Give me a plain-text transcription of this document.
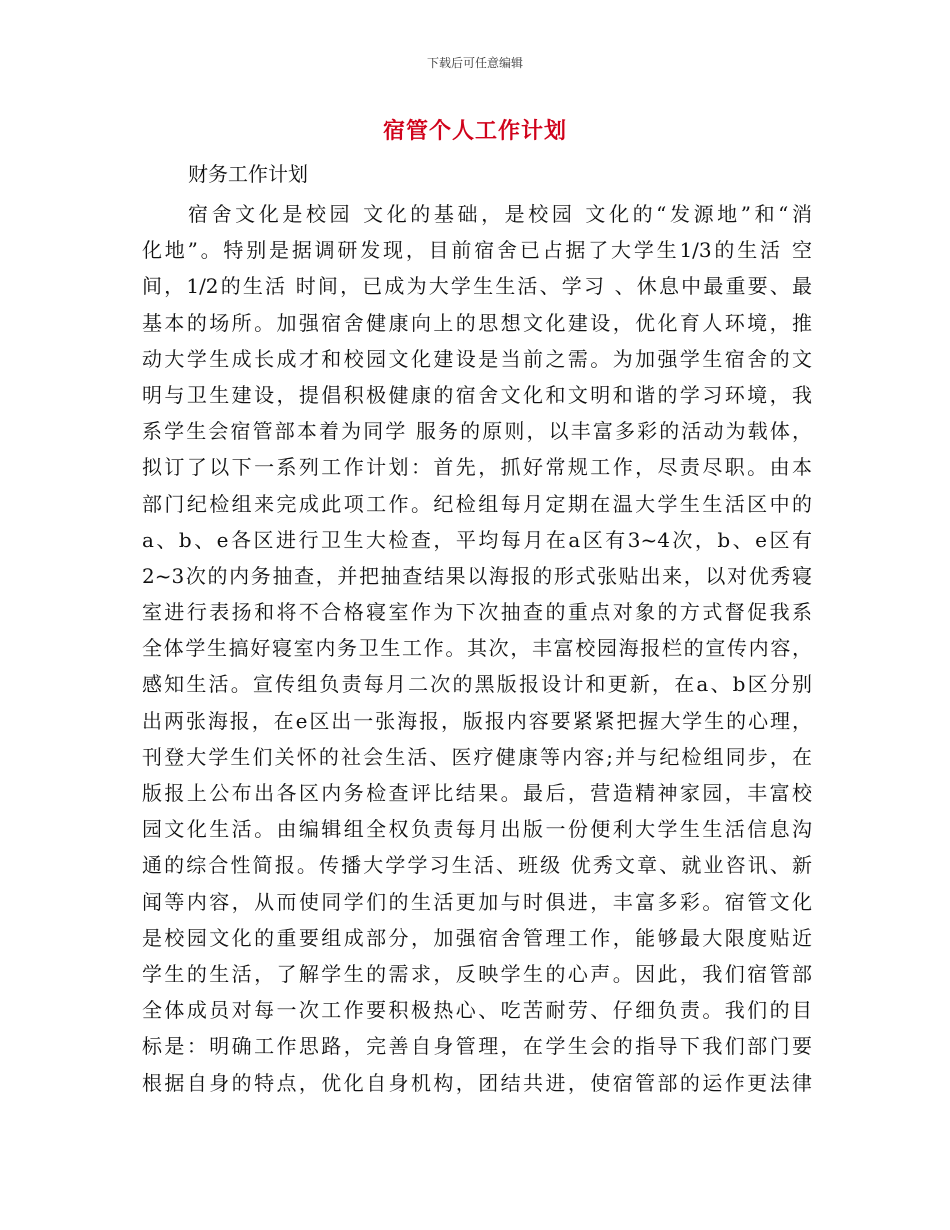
下载后可任意编辑
宿管个人工作计划
财务工作计划
宿舍文化是校园 文化的基础，是校园 文化的“发源地”和“消
化地”。特别是据调研发现，目前宿舍已占据了大学生1/3的生活 空
间，1/2的生活 时间，已成为大学生生活、学习 、休息中最重要、最
基本的场所。加强宿舍健康向上的思想文化建设，优化育人环境，推
动大学生成长成才和校园文化建设是当前之需。为加强学生宿舍的文
明与卫生建设，提倡积极健康的宿舍文化和文明和谐的学习环境，我
系学生会宿管部本着为同学 服务的原则，以丰富多彩的活动为载体，
拟订了以下一系列工作计划：首先，抓好常规工作，尽责尽职。由本
部门纪检组来完成此项工作。纪检组每月定期在温大学生生活区中的
a、b、e各区进行卫生大检查，平均每月在a区有3~4次，b、e区有
2~3次的内务抽查，并把抽查结果以海报的形式张贴出来，以对优秀寝
室进行表扬和将不合格寝室作为下次抽查的重点对象的方式督促我系
全体学生搞好寝室内务卫生工作。其次，丰富校园海报栏的宣传内容，
感知生活。宣传组负责每月二次的黑版报设计和更新，在a、b区分别
出两张海报，在e区出一张海报，版报内容要紧紧把握大学生的心理，
刊登大学生们关怀的社会生活、医疗健康等内容;并与纪检组同步，在
版报上公布出各区内务检查评比结果。最后，营造精神家园，丰富校
园文化生活。由编辑组全权负责每月出版一份便利大学生生活信息沟
通的综合性简报。传播大学学习生活、班级 优秀文章、就业咨讯、新
闻等内容，从而使同学们的生活更加与时俱进，丰富多彩。宿管文化
是校园文化的重要组成部分，加强宿舍管理工作，能够最大限度贴近
学生的生活，了解学生的需求，反映学生的心声。因此，我们宿管部
全体成员对每一次工作要积极热心、吃苦耐劳、仔细负责。我们的目
标是：明确工作思路，完善自身管理，在学生会的指导下我们部门要
根据自身的特点，优化自身机构，团结共进，使宿管部的运作更法律
